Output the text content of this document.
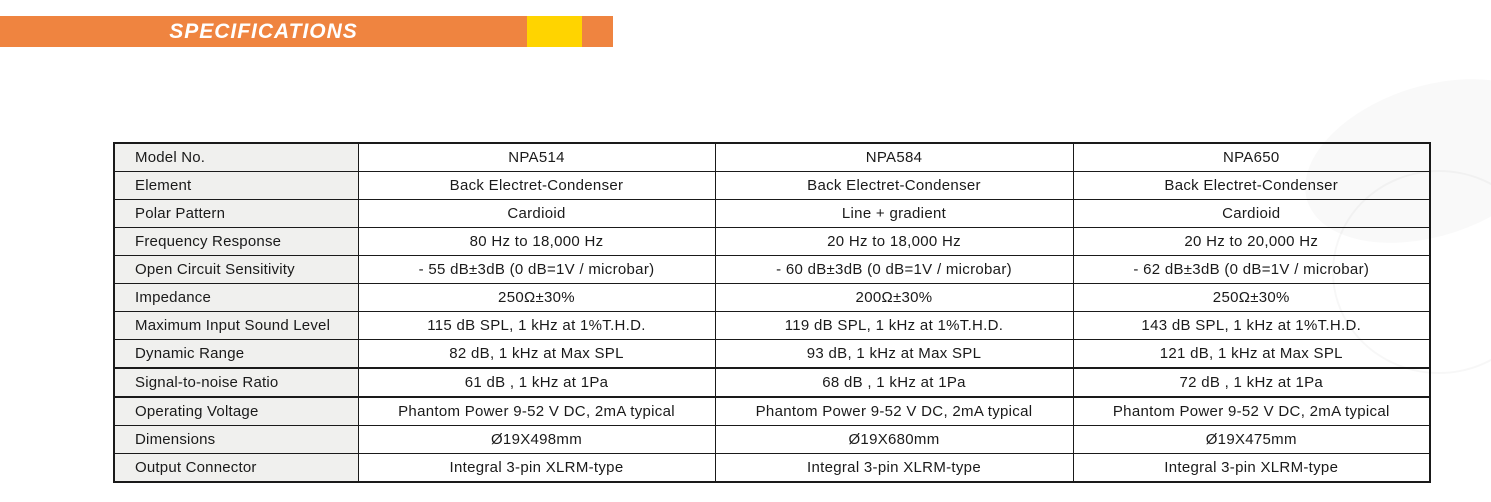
SPECIFICATIONS
Model No.	NPA514	NPA584	NPA650
Element	Back Electret-Condenser	Back Electret-Condenser	Back Electret-Condenser
Polar Pattern	Cardioid	Line + gradient	Cardioid
Frequency Response	80 Hz to 18,000 Hz	20 Hz to 18,000 Hz	20 Hz to 20,000 Hz
Open Circuit Sensitivity	- 55 dB±3dB (0 dB=1V / microbar)	- 60 dB±3dB (0 dB=1V / microbar)	- 62 dB±3dB (0 dB=1V / microbar)
Impedance	250Ω±30%	200Ω±30%	250Ω±30%
Maximum Input Sound Level	115 dB SPL, 1 kHz at 1%T.H.D.	119 dB SPL, 1 kHz at 1%T.H.D.	143 dB SPL, 1 kHz at 1%T.H.D.
Dynamic Range	82 dB, 1 kHz at Max SPL	93 dB, 1 kHz at Max SPL	121 dB, 1 kHz at Max SPL
Signal-to-noise Ratio	61 dB , 1 kHz at 1Pa	68 dB , 1 kHz at 1Pa	72 dB , 1 kHz at 1Pa
Operating Voltage	Phantom Power 9-52 V DC, 2mA typical	Phantom Power 9-52 V DC, 2mA typical	Phantom Power 9-52 V DC, 2mA typical
Dimensions	Ø19X498mm	Ø19X680mm	Ø19X475mm
Output Connector	Integral 3-pin XLRM-type	Integral 3-pin XLRM-type	Integral 3-pin XLRM-type
